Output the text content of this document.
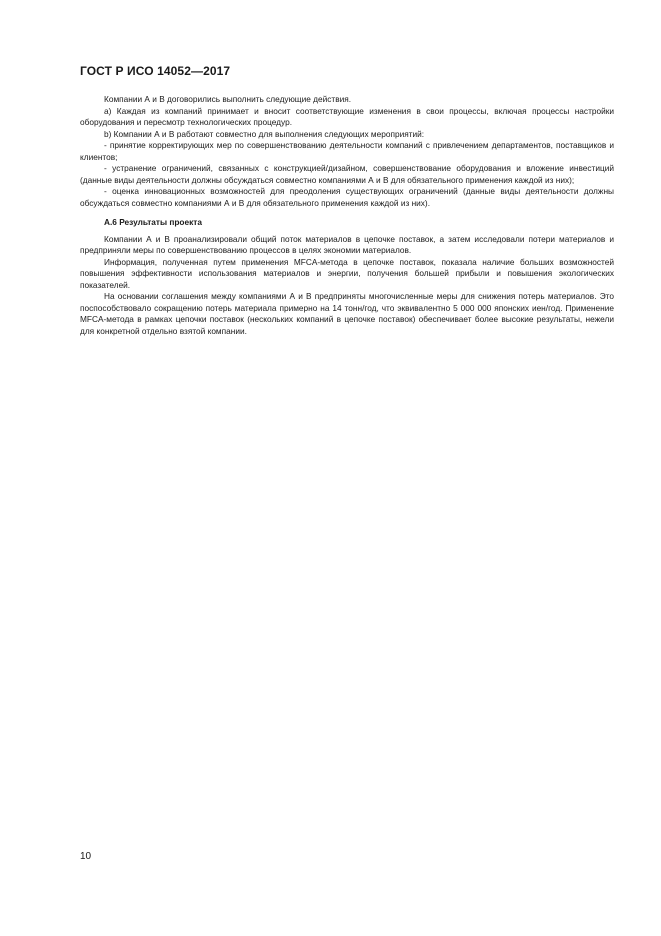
ГОСТ Р ИСО 14052—2017

Компании А и В договорились выполнить следующие действия.

a) Каждая из компаний принимает и вносит соответствующие изменения в свои процессы, включая процессы настройки оборудования и пересмотр технологических процедур.

b) Компании А и В работают совместно для выполнения следующих мероприятий:

- принятие корректирующих мер по совершенствованию деятельности компаний с привлечением департаментов, поставщиков и клиентов;

- устранение ограничений, связанных с конструкцией/дизайном, совершенствование оборудования и вложение инвестиций (данные виды деятельности должны обсуждаться совместно компаниями А и В для обязательного применения каждой из них);

- оценка инновационных возможностей для преодоления существующих ограничений (данные виды деятельности должны обсуждаться совместно компаниями А и В для обязательного применения каждой из них).

А.6 Результаты проекта

Компании А и В проанализировали общий поток материалов в цепочке поставок, а затем исследовали потери материалов и предприняли меры по совершенствованию процессов в целях экономии материалов.

Информация, полученная путем применения MFCA-метода в цепочке поставок, показала наличие больших возможностей повышения эффективности использования материалов и энергии, получения большей прибыли и повышения экологических показателей.

На основании соглашения между компаниями А и В предприняты многочисленные меры для снижения потерь материалов. Это поспособствовало сокращению потерь материала примерно на 14 тонн/год, что эквивалентно 5 000 000 японских иен/год. Применение MFCA-метода в рамках цепочки поставок (нескольких компаний в цепочке поставок) обеспечивает более высокие результаты, нежели для конкретной отдельно взятой компании.

10
